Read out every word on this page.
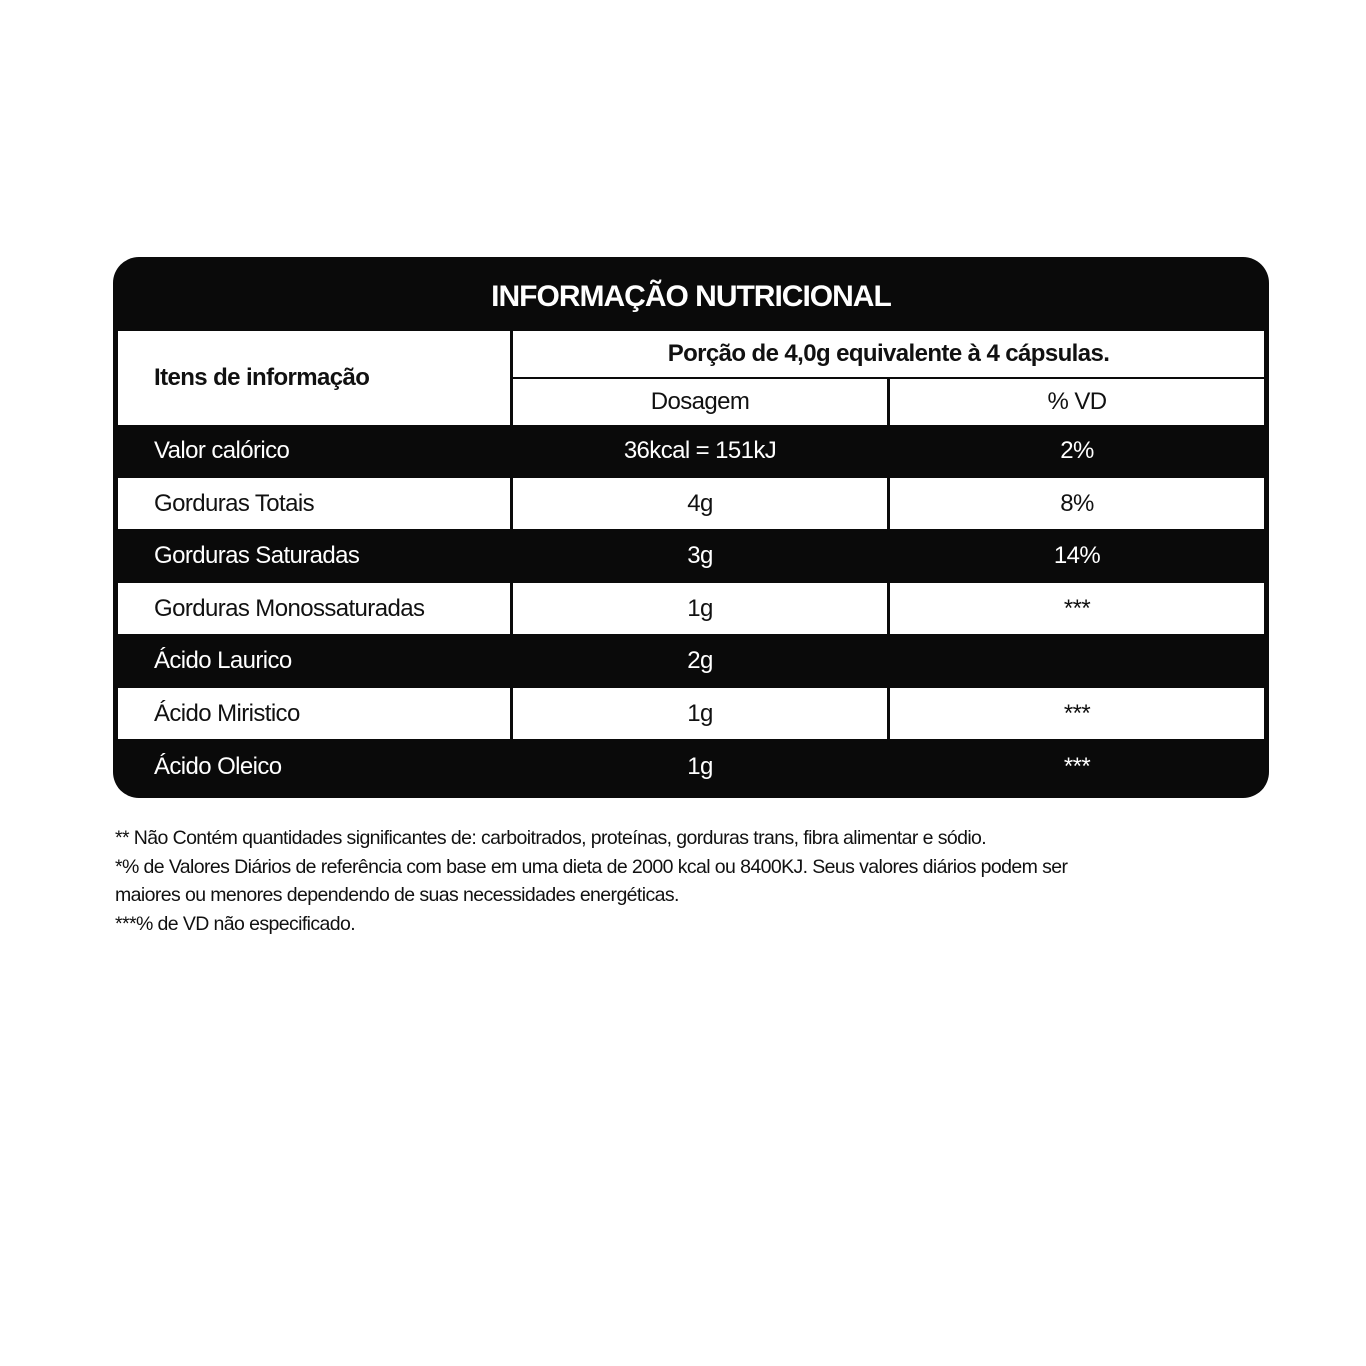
INFORMAÇÃO NUTRICIONAL
Itens de informação
Porção de 4,0g equivalente à 4 cápsulas.
Dosagem	% VD
Valor calórico	36kcal = 151kJ	2%
Gorduras Totais	4g	8%
Gorduras Saturadas	3g	14%
Gorduras Monossaturadas	1g	***
Ácido Laurico	2g
Ácido Miristico	1g	***
Ácido Oleico	1g	***
** Não Contém quantidades significantes de: carboitrados, proteínas, gorduras trans, fibra alimentar e sódio.
*% de Valores Diários de referência com base em uma dieta de 2000 kcal ou 8400KJ. Seus valores diários podem ser
maiores ou menores dependendo de suas necessidades energéticas.
***% de VD não especificado.
